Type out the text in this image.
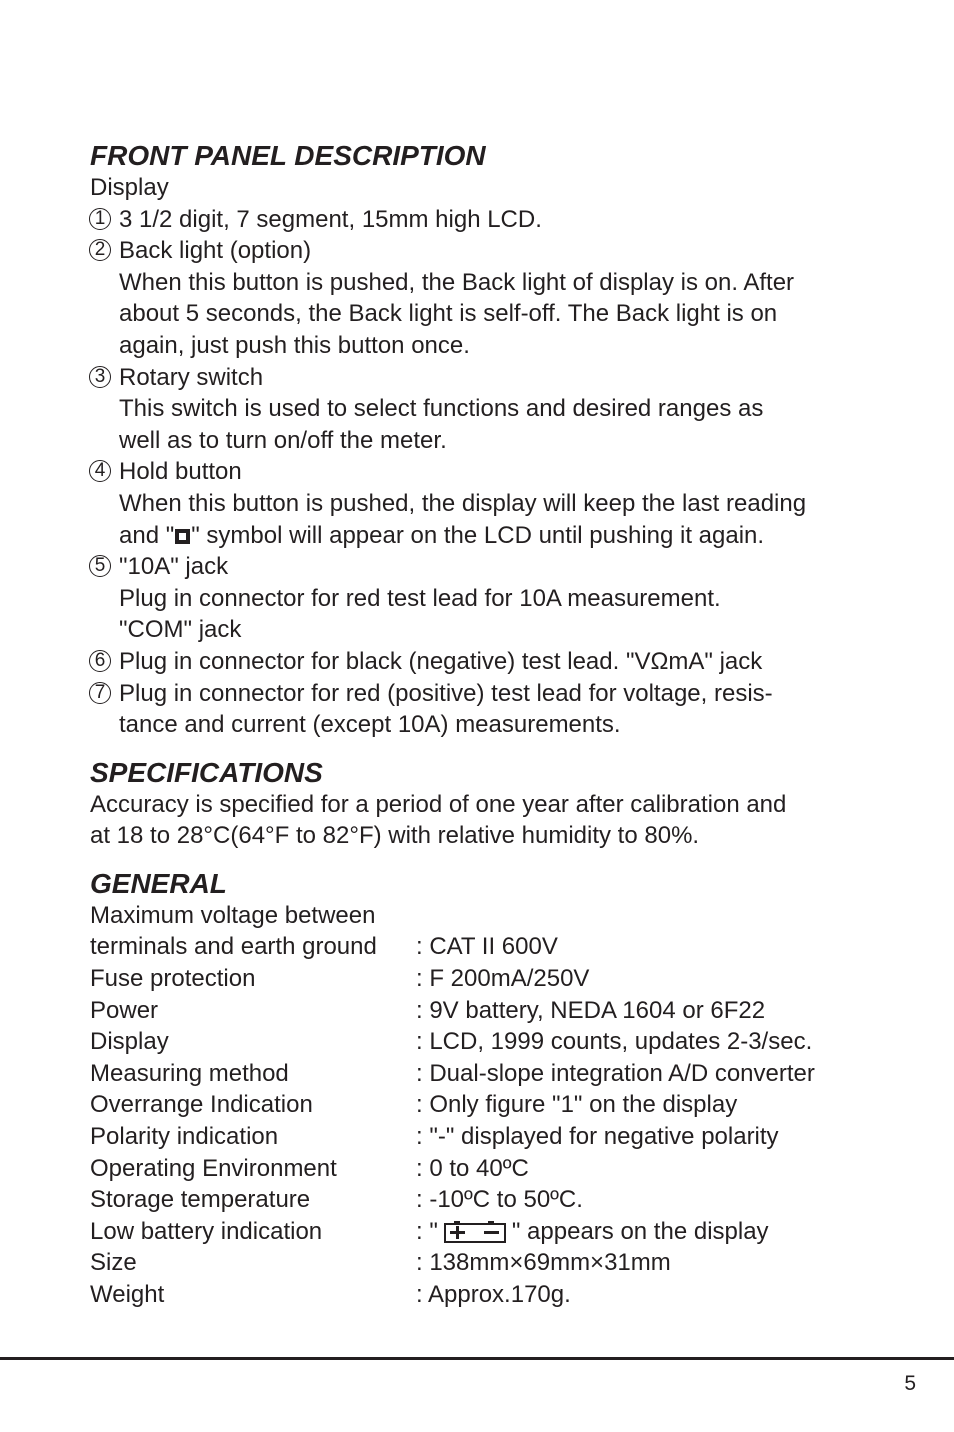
FRONT PANEL DESCRIPTION
Display
1 3 1/2 digit, 7 segment, 15mm high LCD.
2 Back light (option)
When this button is pushed, the Back light of display is on. After
about 5 seconds, the Back light is self-off. The Back light is on
again, just push this button once.
3 Rotary switch
This switch is used to select functions and desired ranges as
well as to turn on/off the meter.
4 Hold button
When this button is pushed, the display will keep the last reading
and " " symbol will appear on the LCD until pushing it again.
5 "10A" jack
Plug in connector for red test lead for 10A measurement.
"COM" jack
6 Plug in connector for black (negative) test lead. "VΩmA" jack
7 Plug in connector for red (positive) test lead for voltage, resis-
tance and current (except 10A) measurements.
SPECIFICATIONS
Accuracy is specified for a period of one year after calibration and
at 18 to 28°C(64°F to 82°F) with relative humidity to 80%.
GENERAL
Maximum voltage between
terminals and earth ground	: CAT II 600V
Fuse protection	: F 200mA/250V
Power	: 9V battery, NEDA 1604 or 6F22
Display	: LCD, 1999 counts, updates 2-3/sec.
Measuring method	: Dual-slope integration A/D converter
Overrange Indication	: Only figure "1" on the display
Polarity indication	: "-" displayed for negative polarity
Operating Environment	: 0 to 40ºC
Storage temperature	: -10ºC to 50ºC.
Low battery indication	: "	" appears on the display
Size	: 138mm×69mm×31mm
Weight	: Approx.170g.
5
